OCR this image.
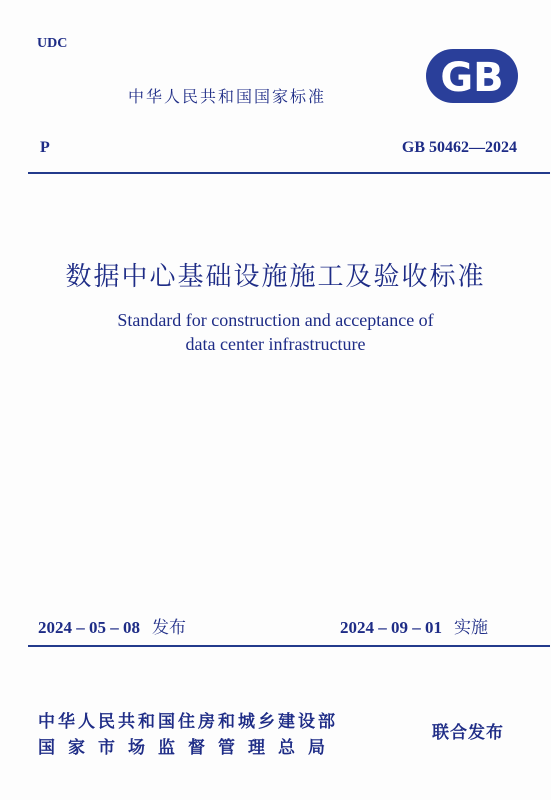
UDC
中华人民共和国国家标准	GB
P	GB 50462—2024
数据中心基础设施施工及验收标准
Standard for construction and acceptance of
data center infrastructure
2024 – 05 – 08 发布	2024 – 09 – 01 实施
中华人民共和国住房和城乡建设部
国家市场监督管理总局
联合发布
